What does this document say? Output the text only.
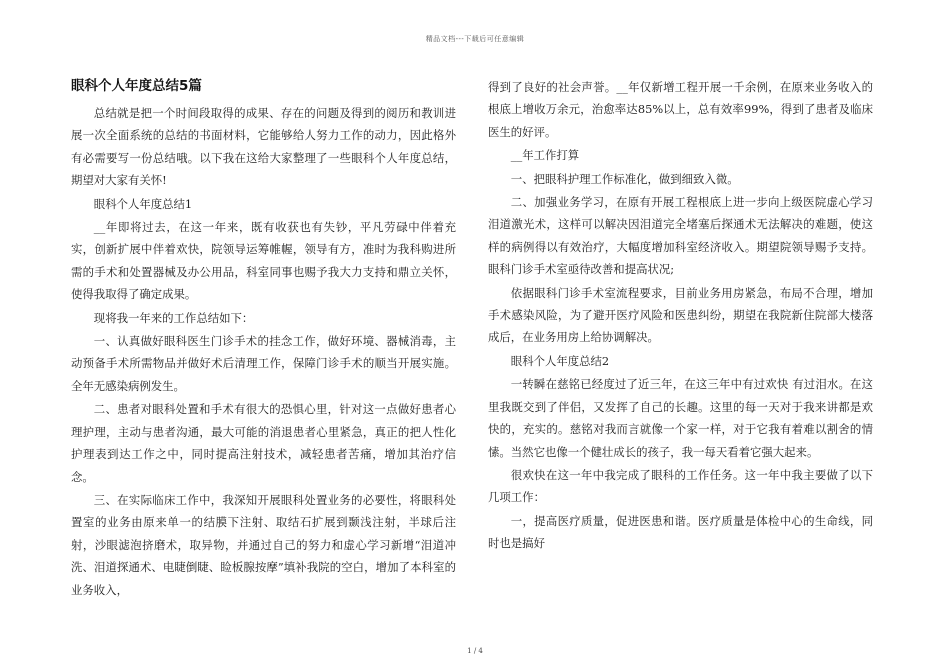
精品文档---下载后可任意编辑
眼科个人年度总结5篇

总结就是把一个时间段取得的成果、存在的问题及得到的阅历和教训进展一次全面系统的总结的书面材料，它能够给人努力工作的动力，因此格外有必需要写一份总结哦。以下我在这给大家整理了一些眼科个人年度总结，期望对大家有关怀!

眼科个人年度总结1

__年即将过去，在这一年来，既有收获也有失钞，平凡劳碌中伴着充实，创新扩展中伴着欢快，院领导运筹帷幄，领导有方，准时为我科购进所需的手术和处置器械及办公用品，科室同事也赐予我大力支持和鼎立关怀，使得我取得了确定成果。

现将我一年来的工作总结如下：

一、认真做好眼科医生门诊手术的挂念工作，做好环境、器械消毒，主动预备手术所需物品并做好术后清理工作，保障门诊手术的顺当开展实施。全年无感染病例发生。

二、患者对眼科处置和手术有很大的恐惧心里，针对这一点做好患者心理护理，主动与患者沟通，最大可能的消退患者心里紧急，真正的把人性化护理表到达工作之中，同时提高注射技术，减轻患者苦痛，增加其治疗信念。

三、在实际临床工作中，我深知开展眼科处置业务的必要性，将眼科处置室的业务由原来单一的结膜下注射、取结石扩展到颞浅注射，半球后注射，沙眼滤泡挤磨术，取异物，并通过自己的努力和虚心学习新增“泪道冲洗、泪道探通术、电睫倒睫、睑板腺按摩”填补我院的空白，增加了本科室的业务收入，

得到了良好的社会声誉。__年仅新增工程开展一千余例，在原来业务收入的根底上增收万余元，治愈率达85%以上，总有效率99%，得到了患者及临床医生的好评。

__年工作打算

一、把眼科护理工作标准化，做到细致入微。

二、加强业务学习，在原有开展工程根底上进一步向上级医院虚心学习泪道激光术，这样可以解决因泪道完全堵塞后探通术无法解决的难题，使这样的病例得以有效治疗，大幅度增加科室经济收入。期望院领导赐予支持。眼科门诊手术室亟待改善和提高状况;

依据眼科门诊手术室流程要求，目前业务用房紧急，布局不合理，增加手术感染风险，为了避开医疗风险和医患纠纷，期望在我院新住院部大楼落成后，在业务用房上给协调解决。

眼科个人年度总结2

一转瞬在慈铭已经度过了近三年，在这三年中有过欢快 有过泪水。在这里我既交到了伴侣，又发挥了自己的长趣。这里的每一天对于我来讲都是欢快的，充实的。慈铭对我而言就像一个家一样，对于它我有着难以割舍的情愫。当然它也像一个健壮成长的孩子，我一每天看着它强大起来。

很欢快在这一年中我完成了眼科的工作任务。这一年中我主要做了以下几项工作：

一，提高医疗质量，促进医患和谐。医疗质量是体检中心的生命线，同时也是搞好

1 / 4
